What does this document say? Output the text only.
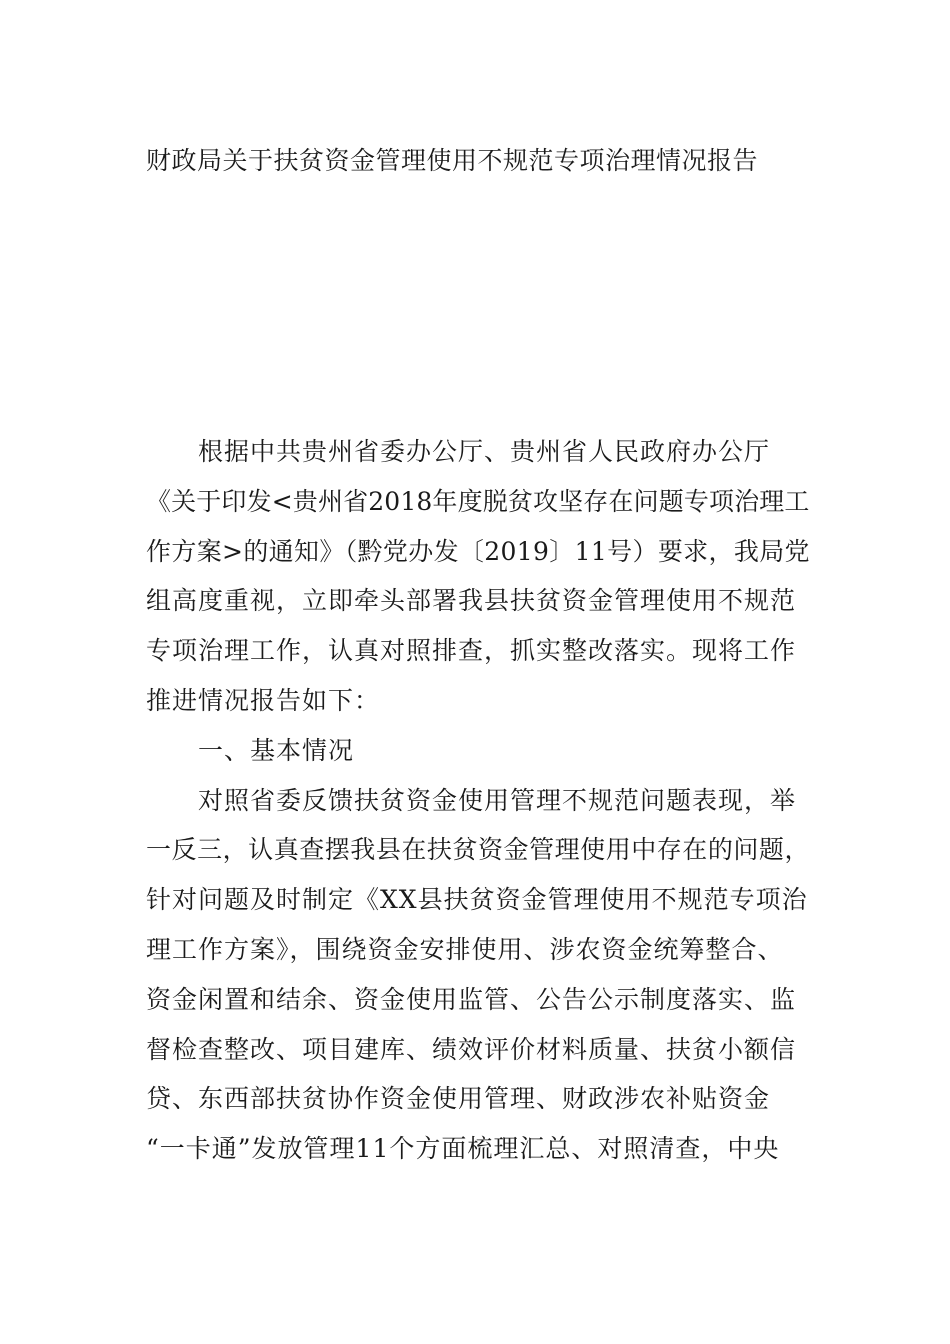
财政局关于扶贫资金管理使用不规范专项治理情况报告
　　根据中共贵州省委办公厅、贵州省人民政府办公厅
《关于印发<贵州省2018年度脱贫攻坚存在问题专项治理工
作方案>的通知》（黔党办发〔2019〕11号）要求，我局党
组高度重视，立即牵头部署我县扶贫资金管理使用不规范
专项治理工作，认真对照排查，抓实整改落实。现将工作
推进情况报告如下：
　　一、基本情况
　　对照省委反馈扶贫资金使用管理不规范问题表现，举
一反三，认真查摆我县在扶贫资金管理使用中存在的问题，
针对问题及时制定《XX县扶贫资金管理使用不规范专项治
理工作方案》，围绕资金安排使用、涉农资金统筹整合、
资金闲置和结余、资金使用监管、公告公示制度落实、监
督检查整改、项目建库、绩效评价材料质量、扶贫小额信
贷、东西部扶贫协作资金使用管理、财政涉农补贴资金
“一卡通”发放管理11个方面梳理汇总、对照清查，中央
